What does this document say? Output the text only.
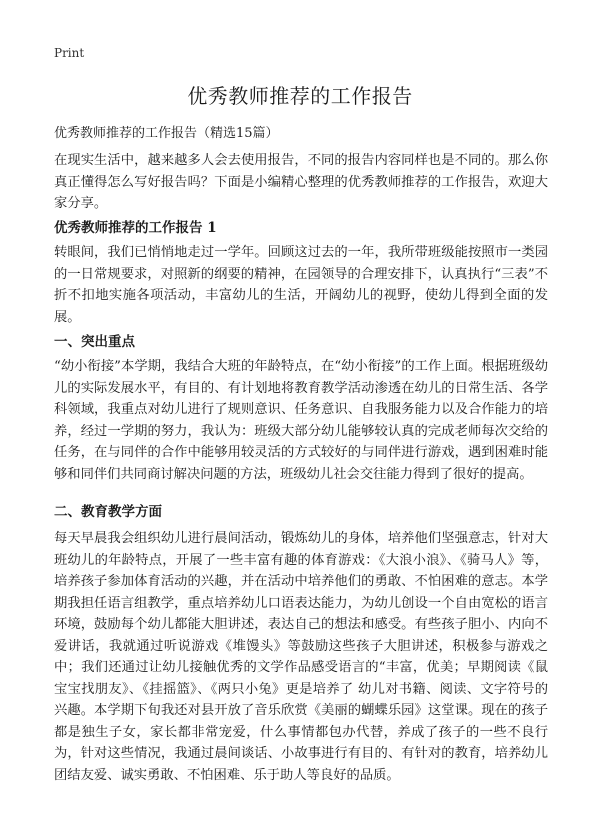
Print
优秀教师推荐的工作报告
优秀教师推荐的工作报告（精选15篇）

在现实生活中，越来越多人会去使用报告，不同的报告内容同样也是不同的。那么你真正懂得怎么写好报告吗？下面是小编精心整理的优秀教师推荐的工作报告，欢迎大家分享。

优秀教师推荐的工作报告 1

转眼间，我们已悄悄地走过一学年。回顾这过去的一年，我所带班级能按照市一类园的一日常规要求，对照新的纲要的精神，在园领导的合理安排下，认真执行“三表”不折不扣地实施各项活动，丰富幼儿的生活，开阔幼儿的视野，使幼儿得到全面的发展。

一、突出重点

“幼小衔接”本学期，我结合大班的年龄特点，在“幼小衔接”的工作上面。根据班级幼儿的实际发展水平，有目的、有计划地将教育教学活动渗透在幼儿的日常生活、各学科领域，我重点对幼儿进行了规则意识、任务意识、自我服务能力以及合作能力的培养，经过一学期的努力，我认为：班级大部分幼儿能够较认真的完成老师每次交给的任务，在与同伴的合作中能够用较灵活的方式较好的与同伴进行游戏，遇到困难时能够和同伴们共同商讨解决问题的方法，班级幼儿社会交往能力得到了很好的提高。

二、教育教学方面

每天早晨我会组织幼儿进行晨间活动，锻炼幼儿的身体，培养他们坚强意志，针对大班幼儿的年龄特点，开展了一些丰富有趣的体育游戏：《大浪小浪》、《骑马人》等，培养孩子参加体育活动的兴趣，并在活动中培养他们的勇敢、不怕困难的意志。本学期我担任语言组教学，重点培养幼儿口语表达能力，为幼儿创设一个自由宽松的语言环境，鼓励每个幼儿都能大胆讲述，表达自己的想法和感受。有些孩子胆小、内向不爱讲话，我就通过听说游戏《堆馒头》等鼓励这些孩子大胆讲述，积极参与游戏之中；我们还通过让幼儿接触优秀的文学作品感受语言的“丰富，优美；早期阅读《鼠宝宝找朋友》、《挂摇篮》、《两只小兔》更是培养了 幼儿对书籍、阅读、文字符号的兴趣。本学期下旬我还对县开放了音乐欣赏《美丽的蝴蝶乐园》这堂课。现在的孩子都是独生子女，家长都非常宠爱，什么事情都包办代替，养成了孩子的一些不良行为，针对这些情况，我通过晨间谈话、小故事进行有目的、有针对的教育，培养幼儿团结友爱、诚实勇敢、不怕困难、乐于助人等良好的品质。
